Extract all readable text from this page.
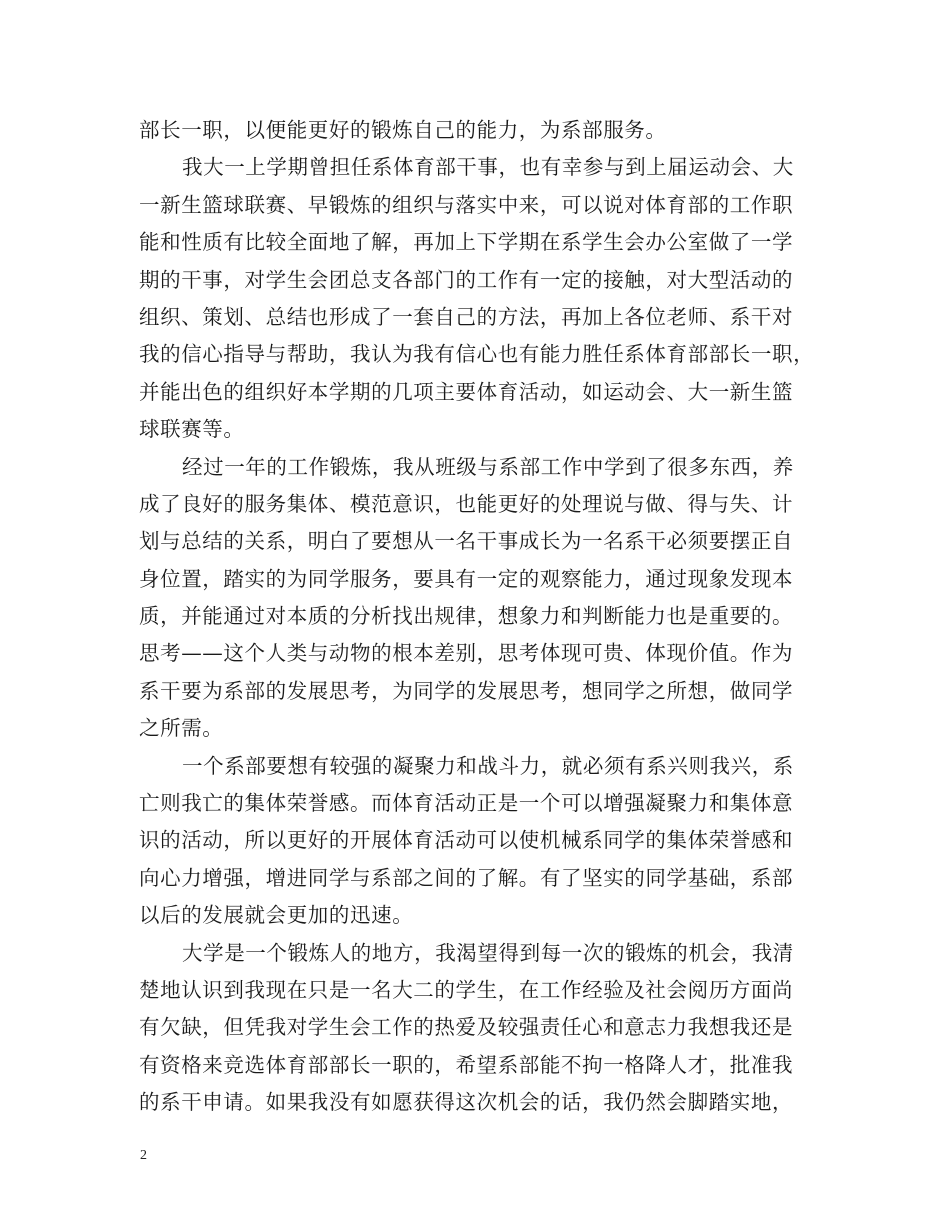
部长一职，以便能更好的锻炼自己的能力，为系部服务。
我大一上学期曾担任系体育部干事，也有幸参与到上届运动会、大
一新生篮球联赛、早锻炼的组织与落实中来，可以说对体育部的工作职
能和性质有比较全面地了解，再加上下学期在系学生会办公室做了一学
期的干事，对学生会团总支各部门的工作有一定的接触，对大型活动的
组织、策划、总结也形成了一套自己的方法，再加上各位老师、系干对
我的信心指导与帮助，我认为我有信心也有能力胜任系体育部部长一职，
并能出色的组织好本学期的几项主要体育活动，如运动会、大一新生篮
球联赛等。
经过一年的工作锻炼，我从班级与系部工作中学到了很多东西，养
成了良好的服务集体、模范意识，也能更好的处理说与做、得与失、计
划与总结的关系，明白了要想从一名干事成长为一名系干必须要摆正自
身位置，踏实的为同学服务，要具有一定的观察能力，通过现象发现本
质，并能通过对本质的分析找出规律，想象力和判断能力也是重要的。
思考——这个人类与动物的根本差别，思考体现可贵、体现价值。作为
系干要为系部的发展思考，为同学的发展思考，想同学之所想，做同学
之所需。
一个系部要想有较强的凝聚力和战斗力，就必须有系兴则我兴，系
亡则我亡的集体荣誉感。而体育活动正是一个可以增强凝聚力和集体意
识的活动，所以更好的开展体育活动可以使机械系同学的集体荣誉感和
向心力增强，增进同学与系部之间的了解。有了坚实的同学基础，系部
以后的发展就会更加的迅速。
大学是一个锻炼人的地方，我渴望得到每一次的锻炼的机会，我清
楚地认识到我现在只是一名大二的学生，在工作经验及社会阅历方面尚
有欠缺，但凭我对学生会工作的热爱及较强责任心和意志力我想我还是
有资格来竞选体育部部长一职的，希望系部能不拘一格降人才，批准我
的系干申请。如果我没有如愿获得这次机会的话，我仍然会脚踏实地，
2
